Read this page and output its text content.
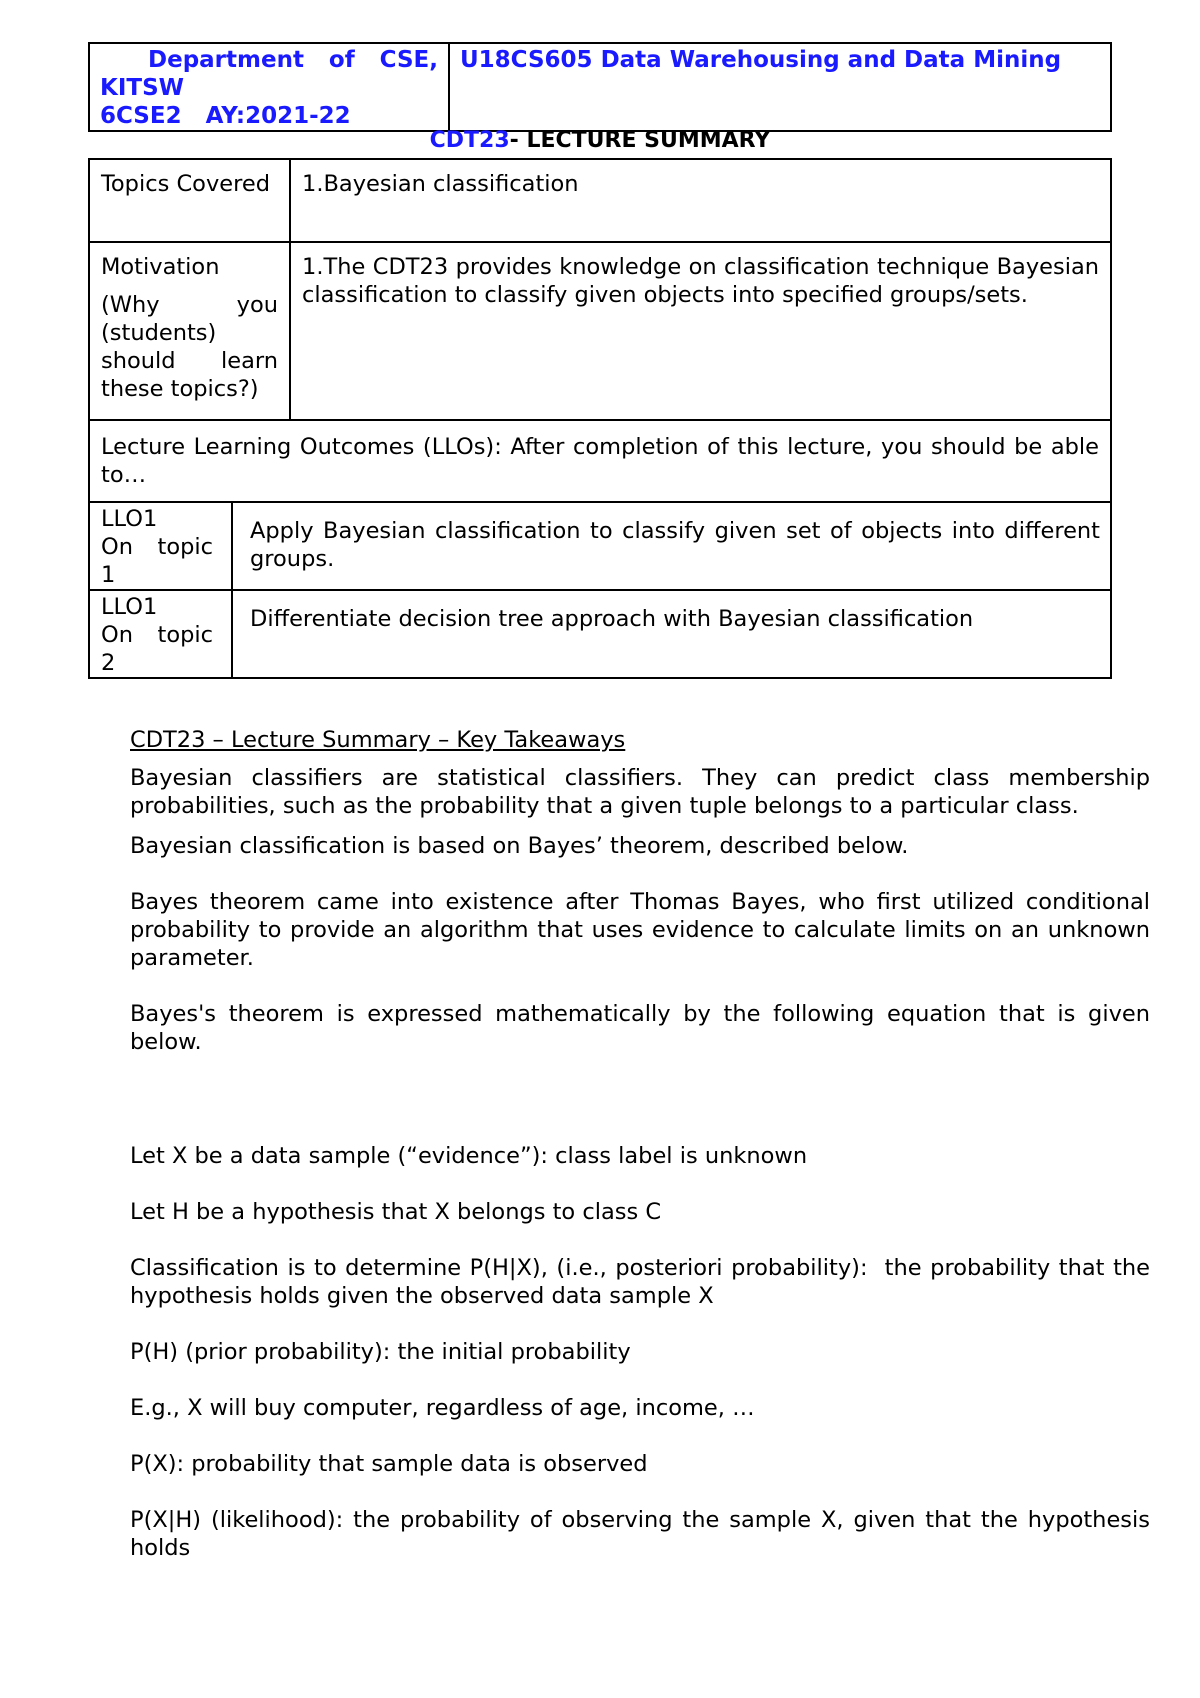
Department of CSE,
KITSW
6CSE2   AY:2021-22
	U18CS605 Data Warehousing and Data Mining
CDT23- LECTURE SUMMARY
Topics Covered	1.Bayesian classification

Motivation
(Why you (students) should learn these topics?)	1.The CDT23 provides knowledge on classification technique Bayesian classification to classify given objects into specified groups/sets.
Lecture Learning Outcomes (LLOs): After completion of this lecture, you should be able to…	
LLO1
On topic 1	Apply Bayesian classification to classify given set of objects into different groups.

LLO1
On topic 2	Differentiate decision tree approach with Bayesian classification

CDT23 – Lecture Summary – Key Takeaways

Bayesian classifiers are statistical classifiers. They can predict class membership probabilities, such as the probability that a given tuple belongs to a particular class.

Bayesian classification is based on Bayes’ theorem, described below.

Bayes theorem came into existence after Thomas Bayes, who first utilized conditional probability to provide an algorithm that uses evidence to calculate limits on an unknown parameter.

Bayes's theorem is expressed mathematically by the following equation that is given below.

Let X be a data sample (“evidence”): class label is unknown

Let H be a hypothesis that X belongs to class C

Classification is to determine P(H|X), (i.e., posteriori probability):  the probability that the hypothesis holds given the observed data sample X

P(H) (prior probability): the initial probability

E.g., X will buy computer, regardless of age, income, …

P(X): probability that sample data is observed

P(X|H) (likelihood): the probability of observing the sample X, given that the hypothesis holds
